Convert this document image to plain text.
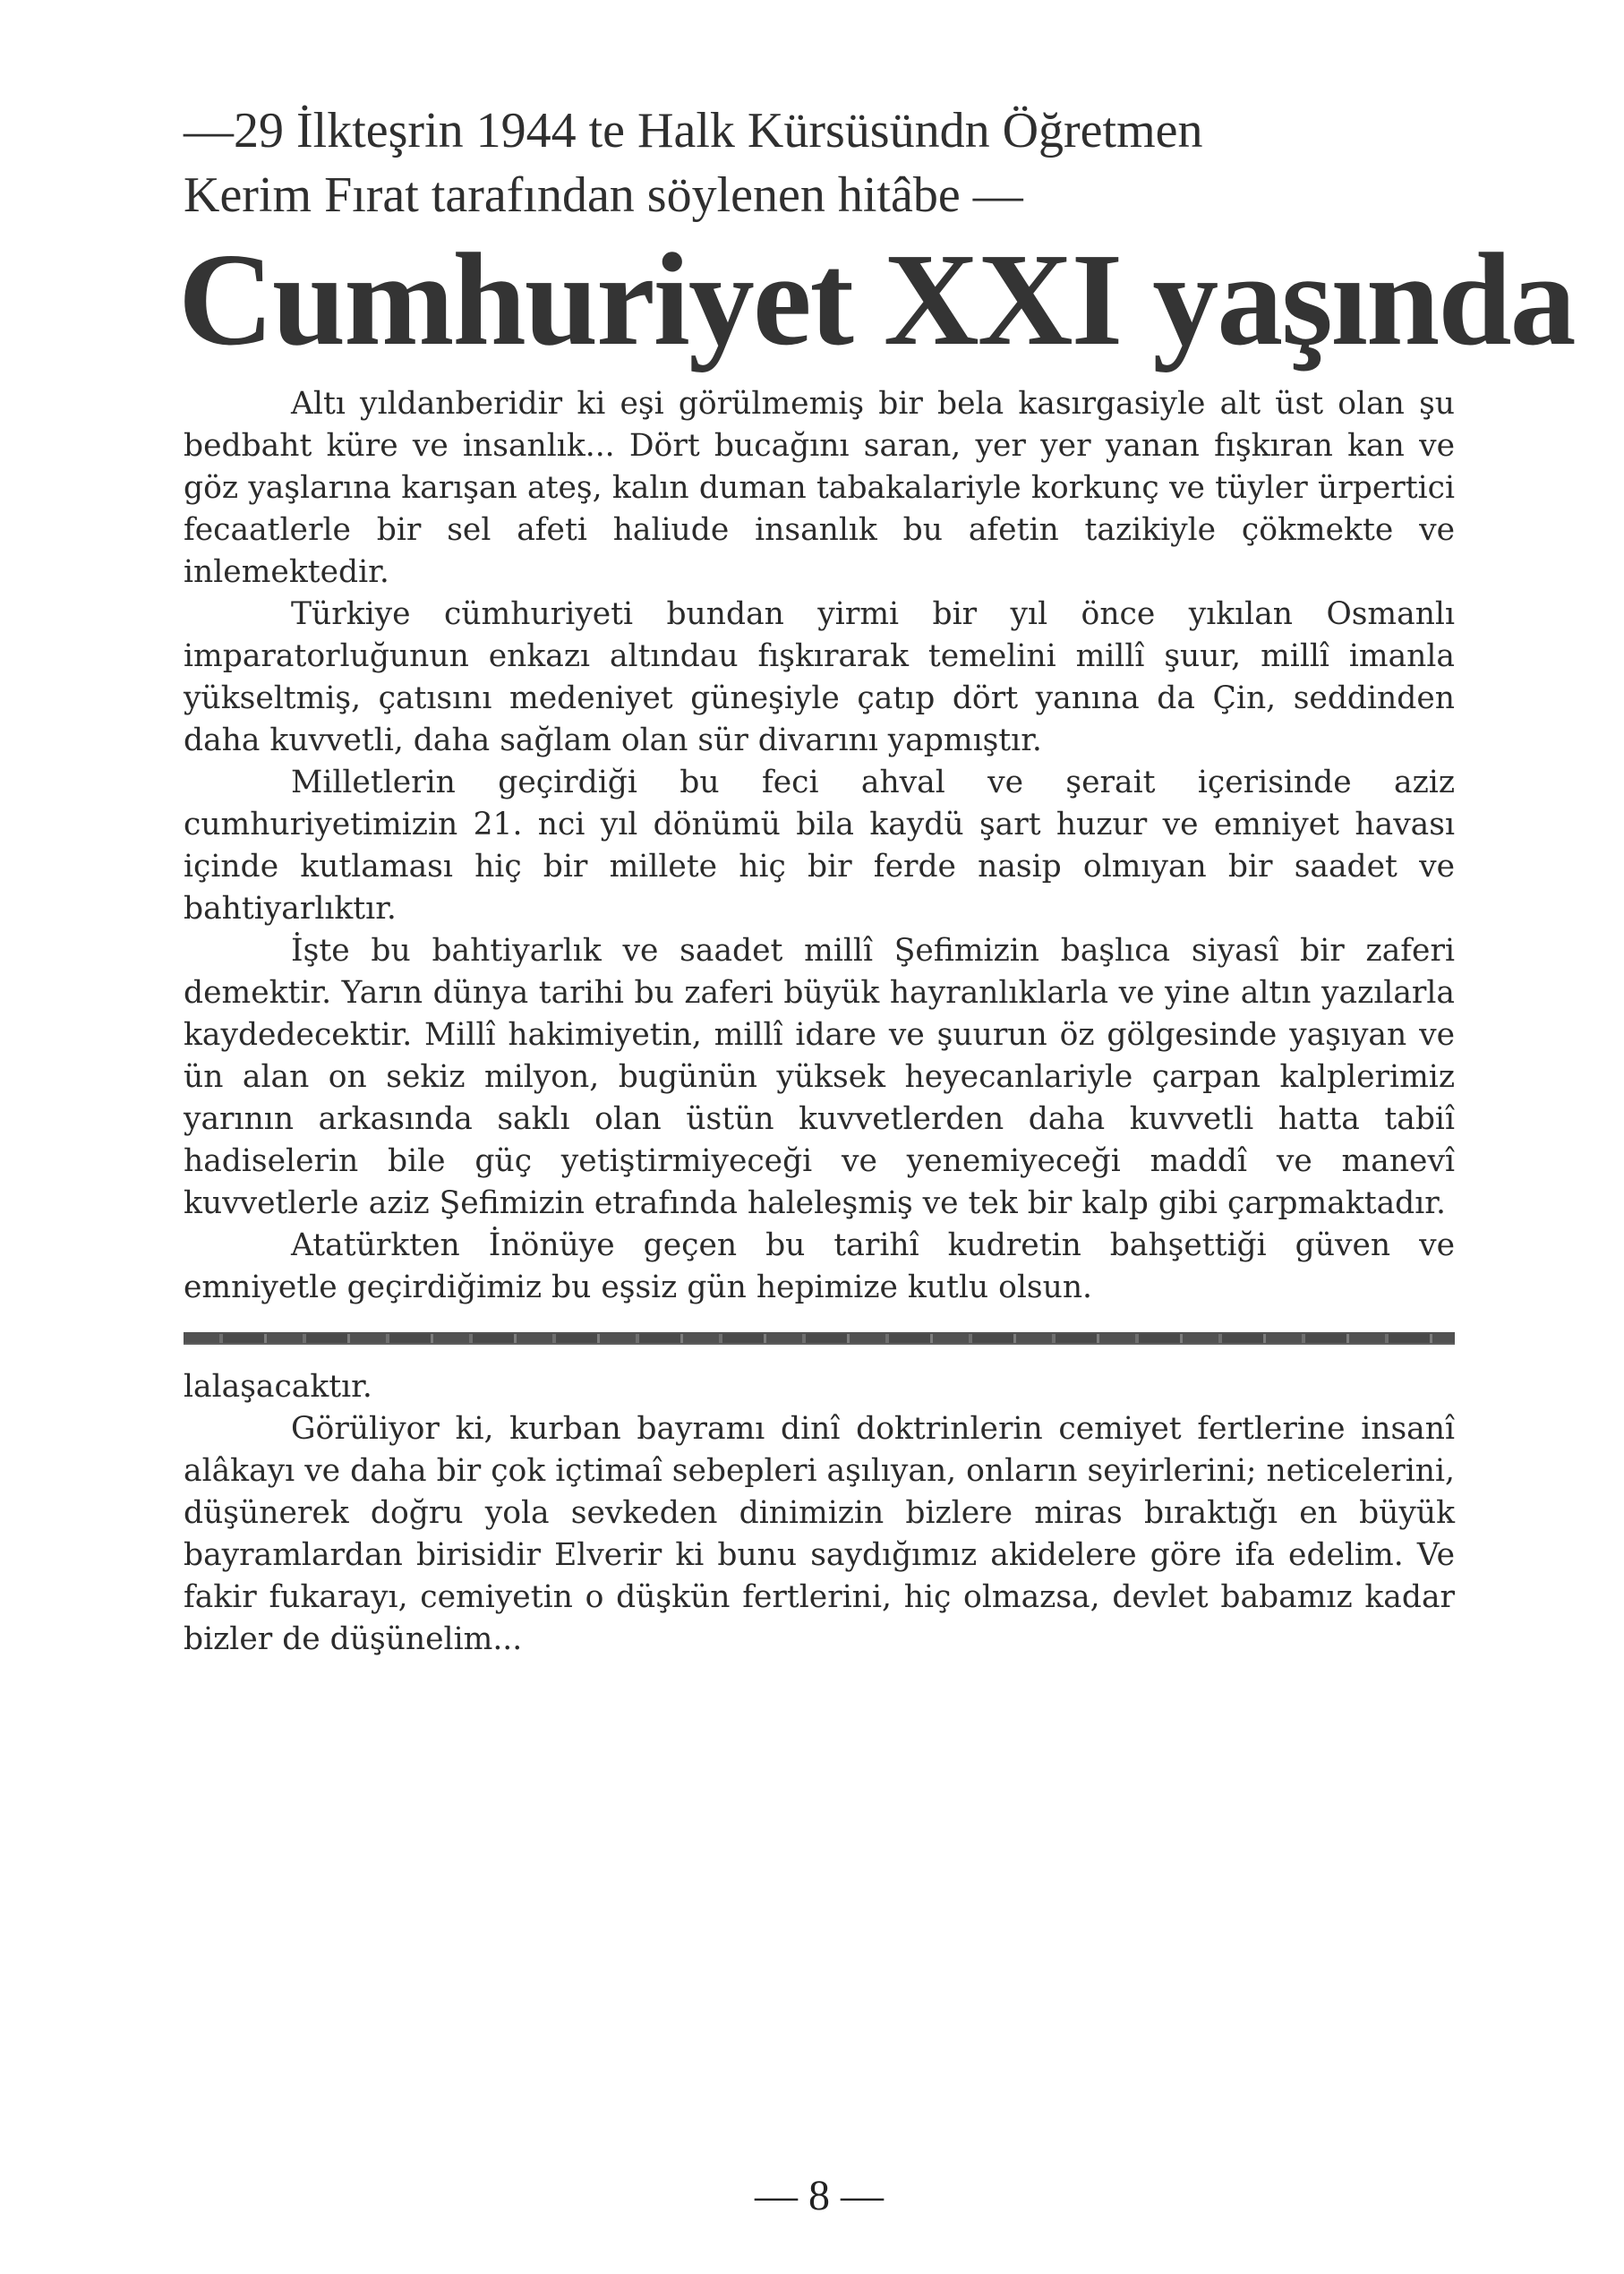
—29 İlkteşrin 1944 te Halk Kürsüsündn Öğretmen
Kerim Fırat tarafından söylenen hitâbe —
Cumhuriyet XXI yaşında

Altı yıldanberidir ki eşi görülmemiş bir bela kasırgasiyle alt üst olan şu bedbaht küre ve insanlık... Dört bucağını saran, yer yer yanan fışkıran kan ve göz yaşlarına karışan ateş, kalın duman tabakalariyle korkunç ve tüyler ürpertici fecaatlerle bir sel afeti haliude insanlık bu afetin tazikiyle çökmekte ve inlemektedir.

Türkiye cümhuriyeti bundan yirmi bir yıl önce yıkılan Osmanlı imparatorluğunun enkazı altındau fışkırarak temelini millî şuur, millî imanla yükseltmiş, çatısını medeniyet güneşiyle çatıp dört yanına da Çin, seddinden daha kuvvetli, daha sağlam olan sür divarını yapmıştır.

Milletlerin geçirdiği bu feci ahval ve şerait içerisinde aziz cumhuriyetimizin 21. nci yıl dönümü bila kaydü şart huzur ve emniyet havası içinde kutlaması hiç bir millete hiç bir ferde nasip olmıyan bir saadet ve bahtiyarlıktır.

İşte bu bahtiyarlık ve saadet millî Şefimizin başlıca siyasî bir zaferi demektir. Yarın dünya tarihi bu zaferi büyük hayranlıklarla ve yine altın yazılarla kaydedecektir. Millî hakimiyetin, millî idare ve şuurun öz gölgesinde yaşıyan ve ün alan on sekiz milyon, bugünün yüksek heyecanlariyle çarpan kalplerimiz yarının arkasında saklı olan üstün kuvvetlerden daha kuvvetli hatta tabiî hadiselerin bile güç yetiştirmiyeceği ve yenemiyeceği maddî ve manevî kuvvetlerle aziz Şefimizin etrafında haleleşmiş ve tek bir kalp gibi çarpmaktadır.

Atatürkten İnönüye geçen bu tarihî kudretin bahşettiği güven ve emniyetle geçirdiğimiz bu eşsiz gün hepimize kutlu olsun.

lalaşacaktır.

Görüliyor ki, kurban bayramı dinî doktrinlerin cemiyet fertlerine insanî alâkayı ve daha bir çok içtimaî sebepleri aşılıyan, onların seyirlerini; neticelerini, düşünerek doğru yola sevkeden dinimizin bizlere miras bıraktığı en büyük bayramlardan birisidir Elverir ki bunu saydığımız akidelere göre ifa edelim. Ve fakir fukarayı, cemiyetin o düşkün fertlerini, hiç olmazsa, devlet babamız kadar bizler de düşünelim...

— 8 —
